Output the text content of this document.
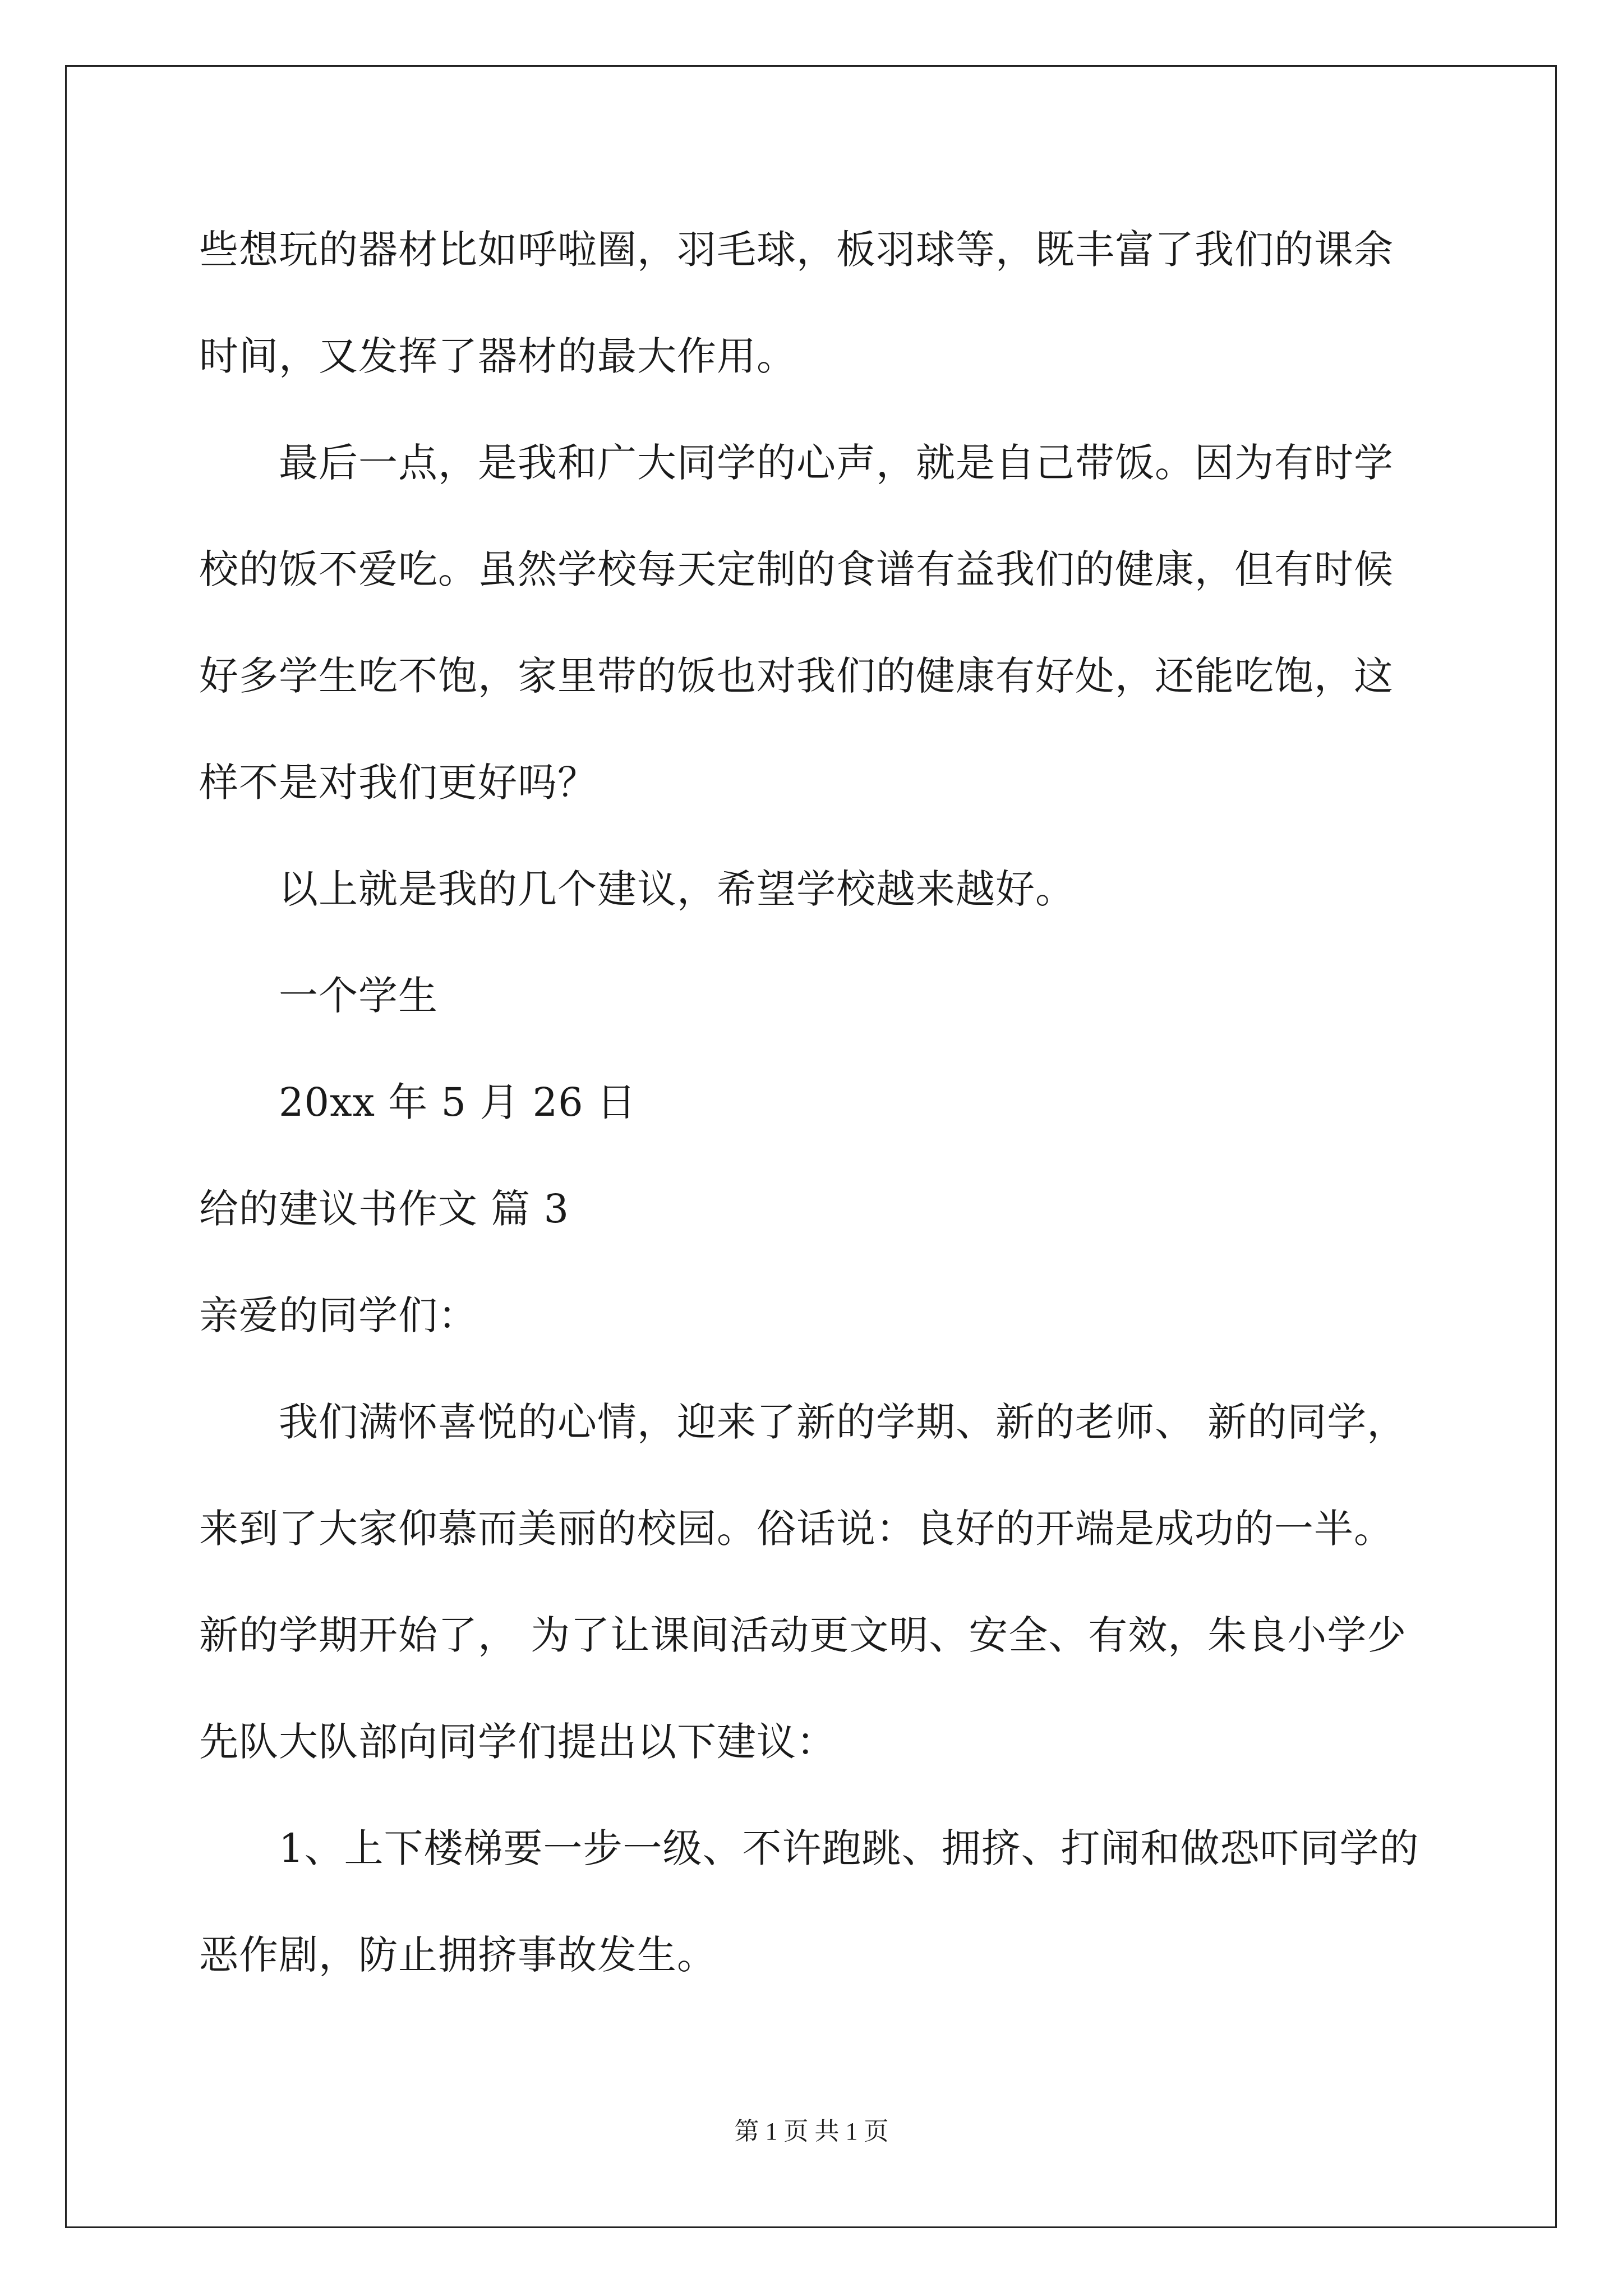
些想玩的器材比如呼啦圈，羽毛球，板羽球等，既丰富了我们的课余
时间，又发挥了器材的最大作用。
最后一点，是我和广大同学的心声，就是自己带饭。因为有时学
校的饭不爱吃。虽然学校每天定制的食谱有益我们的健康，但有时候
好多学生吃不饱，家里带的饭也对我们的健康有好处，还能吃饱，这
样不是对我们更好吗？
以上就是我的几个建议，希望学校越来越好。
一个学生
20xx 年 5 月 26 日
给的建议书作文 篇 3
亲爱的同学们：
我们满怀喜悦的心情，迎来了新的学期、新的老师、 新的同学，
来到了大家仰慕而美丽的校园。俗话说：良好的开端是成功的一半。
新的学期开始了， 为了让课间活动更文明、安全、有效，朱良小学少
先队大队部向同学们提出以下建议：
1、上下楼梯要一步一级、不许跑跳、拥挤、打闹和做恐吓同学的
恶作剧，防止拥挤事故发生。
第 1 页 共 1 页
